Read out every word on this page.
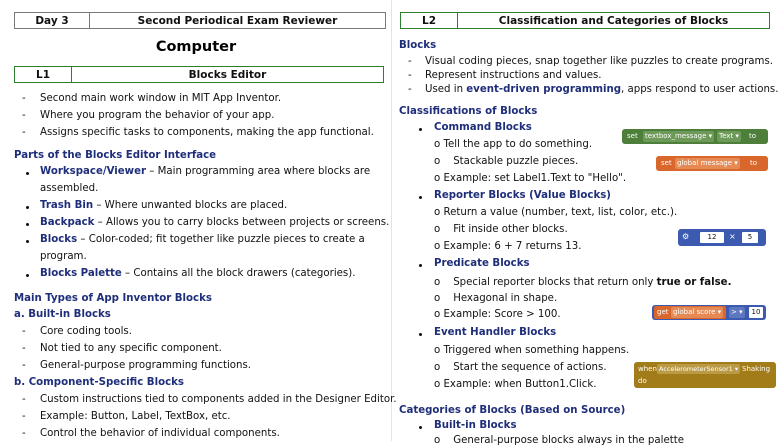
Day 3	Second Periodical Exam Reviewer
Computer
L1	Blocks Editor
- Second main work window in MIT App Inventor.
- Where you program the behavior of your app.
- Assigns specific tasks to components, making the app functional.
Parts of the Blocks Editor Interface
Workspace/Viewer – Main programming area where blocks are
assembled.
Trash Bin – Where unwanted blocks are placed.
Backpack – Allows you to carry blocks between projects or screens.
Blocks – Color-coded; fit together like puzzle pieces to create a
program.
Blocks Palette – Contains all the block drawers (categories).
Main Types of App Inventor Blocks
a. Built-in Blocks
- Core coding tools.
- Not tied to any specific component.
- General-purpose programming functions.
b. Component-Specific Blocks
- Custom instructions tied to components added in the Designer Editor.
- Example: Button, Label, TextBox, etc.
- Control the behavior of individual components.
L2	Classification and Categories of Blocks
Blocks
- Visual coding pieces, snap together like puzzles to create programs.
- Represent instructions and values.
- Used in event-driven programming, apps respond to user actions.
Classifications of Blocks
Command Blocks
o Tell the app to do something.
o    Stackable puzzle pieces.
o Example: set Label1.Text to "Hello".
Reporter Blocks (Value Blocks)
o Return a value (number, text, list, color, etc.).
o    Fit inside other blocks.
o Example: 6 + 7 returns 13.
Predicate Blocks
o    Special reporter blocks that return only true or false.
o    Hexagonal in shape.
o Example: Score > 100.
Event Handler Blocks
o Triggered when something happens.
o    Start the sequence of actions.
o Example: when Button1.Click.
Categories of Blocks (Based on Source)
Built-in Blocks
o    General-purpose blocks always in the palette
set textbox_message ▾ Text ▾ to
set global message ▾ to
⚙	12	×	5
get global score ▾ > ▾	10
when AccelerometerSensor1 ▾ Shaking
do
